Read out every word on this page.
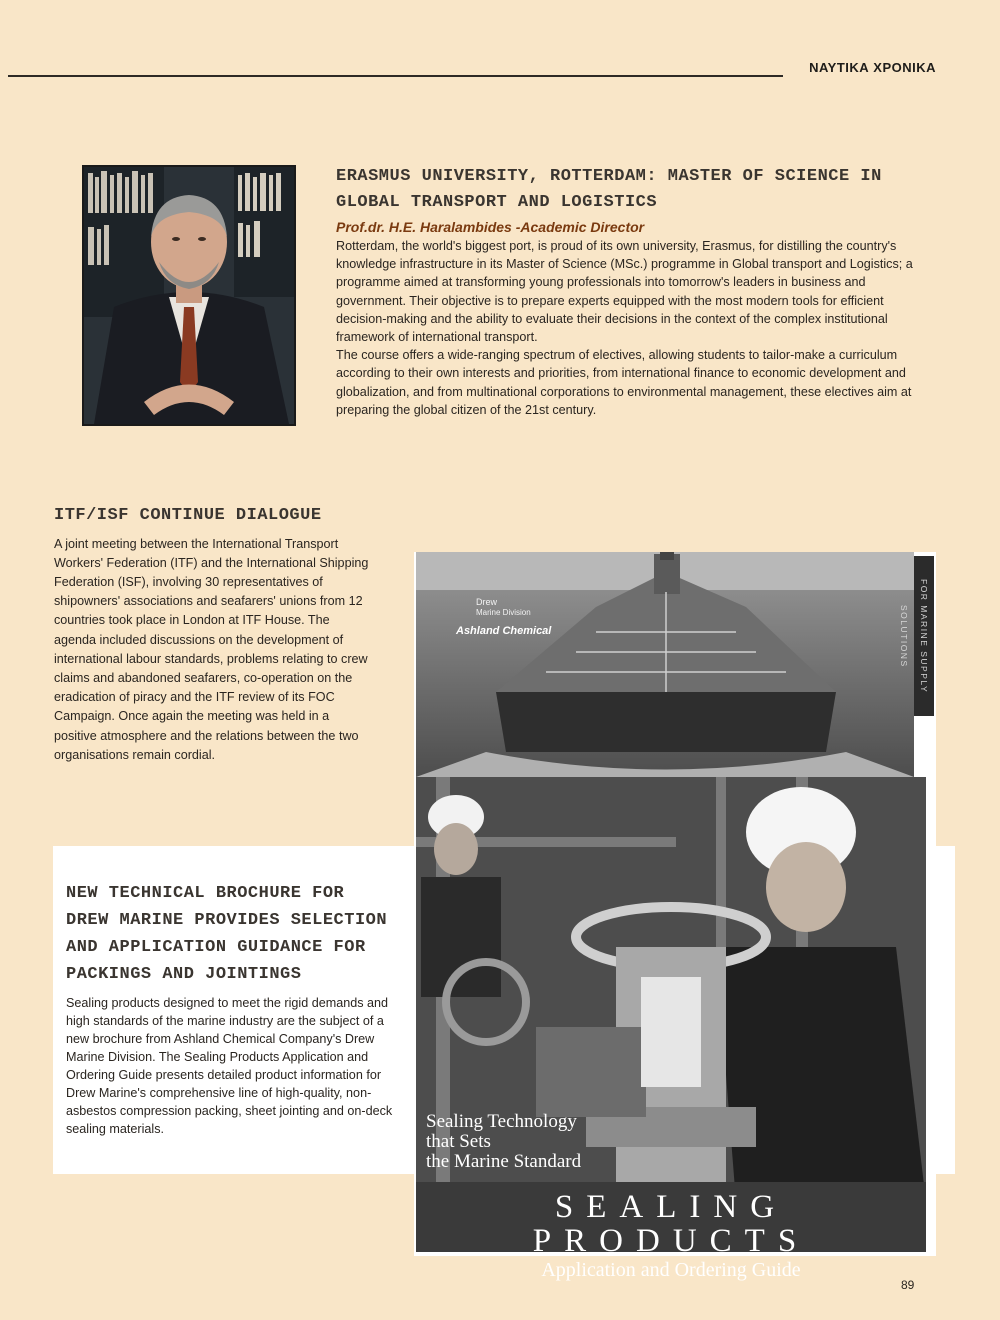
ΝΑΥΤΙΚΑ ΧΡΟΝΙΚΑ
ERASMUS UNIVERSITY, ROTTERDAM: MASTER OF SCIENCE IN GLOBAL TRANSPORT AND LOGISTICS

Prof.dr. H.E. Haralambides -Academic Director

Rotterdam, the world's biggest port, is proud of its own university, Erasmus, for distilling the country's knowledge infrastructure in its Master of Science (MSc.) programme in Global transport and Logistics; a programme aimed at transforming young professionals into tomorrow's leaders in business and government. Their objective is to prepare experts equipped with the most modern tools for efficient decision-making and the ability to evaluate their decisions in the context of the complex institutional framework of international transport.

The course offers a wide-ranging spectrum of electives, allowing students to tailor-make a curriculum according to their own interests and priorities, from international finance to economic development and globalization, and from multinational corporations to environmental management, these electives aim at preparing the global citizen of the 21st century.

ITF/ISF CONTINUE DIALOGUE

A joint meeting between the International Transport Workers' Federation (ITF) and the International Shipping Federation (ISF), involving 30 representatives of shipowners' associations and seafarers' unions from 12 countries took place in London at ITF House. The agenda included discussions on the development of international labour standards, problems relating to crew claims and abandoned seafarers, co-operation on the eradication of piracy and the ITF review of its FOC Campaign. Once again the meeting was held in a positive atmosphere and the relations between the two organisations remain cordial.

NEW TECHNICAL BROCHURE FOR DREW MARINE PROVIDES SELECTION AND APPLICATION GUIDANCE FOR PACKINGS AND JOINTINGS

Sealing products designed to meet the rigid demands and high standards of the marine industry are the subject of a new brochure from Ashland Chemical Company's Drew Marine Division. The Sealing Products Application and Ordering Guide presents detailed product information for Drew Marine's comprehensive line of high-quality, non-asbestos compression packing, sheet jointing and on-deck sealing materials.

Drew
Marine Division
Ashland Chemical	FOR MARINE SUPPLY SOLUTIONS
Sealing Technology
that Sets
the Marine Standard
SEALING PRODUCTS
Application and Ordering Guide
89
